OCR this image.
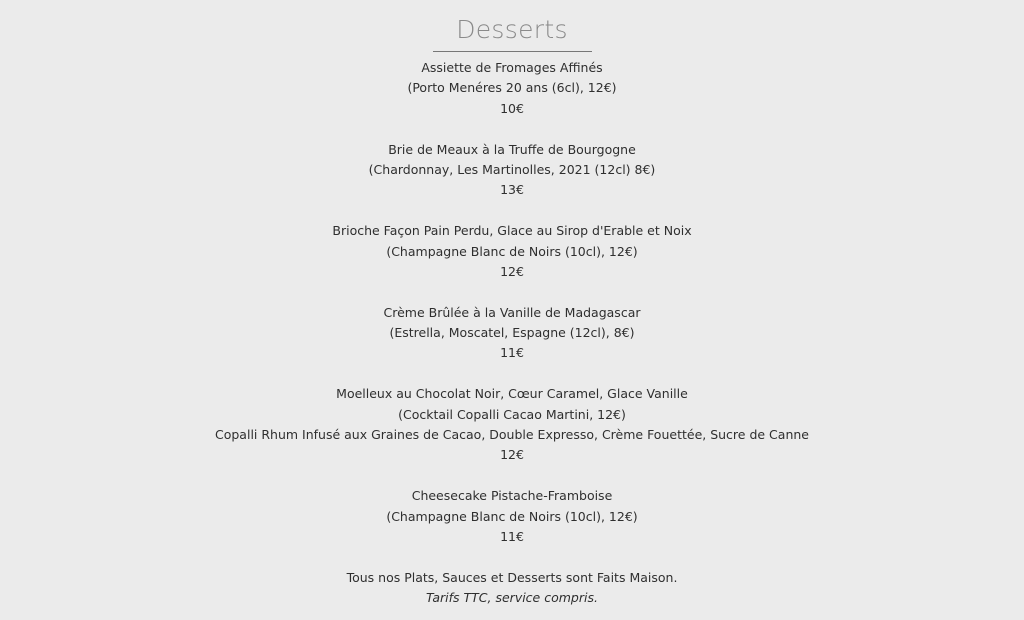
Desserts
Assiette de Fromages Affinés
(Porto Menéres 20 ans (6cl), 12€)
10€
Brie de Meaux à la Truffe de Bourgogne
(Chardonnay, Les Martinolles, 2021 (12cl) 8€)
13€
Brioche Façon Pain Perdu, Glace au Sirop d'Erable et Noix
(Champagne Blanc de Noirs (10cl), 12€)
12€
Crème Brûlée à la Vanille de Madagascar
(Estrella, Moscatel, Espagne (12cl), 8€)
11€
Moelleux au Chocolat Noir, Cœur Caramel, Glace Vanille
(Cocktail Copalli Cacao Martini, 12€)
Copalli Rhum Infusé aux Graines de Cacao, Double Expresso, Crème Fouettée, Sucre de Canne
12€
Cheesecake Pistache-Framboise
(Champagne Blanc de Noirs (10cl), 12€)
11€
Tous nos Plats, Sauces et Desserts sont Faits Maison.
Tarifs TTC, service compris.
